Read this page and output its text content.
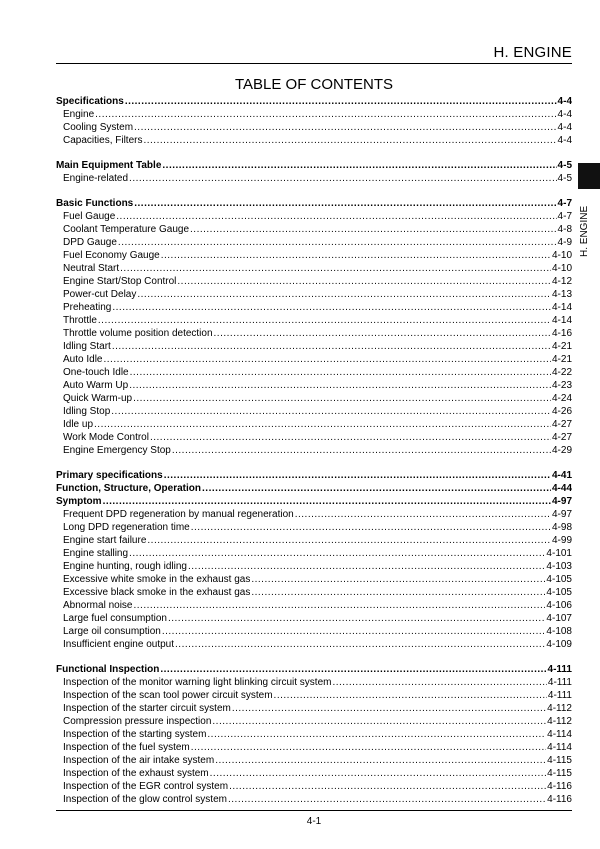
H. ENGINE
TABLE OF CONTENTS
H. ENGINE
Specifications .....	4-4
Engine .....	4-4
Cooling System .....	4-4
Capacities, Filters .....	4-4
Main Equipment Table .....	4-5
Engine-related .....	4-5
Basic Functions .....	4-7
Fuel Gauge .....	4-7
Coolant Temperature Gauge .....	4-8
DPD Gauge .....	4-9
Fuel Economy Gauge .....	4-10
Neutral Start .....	4-10
Engine Start/Stop Control .....	4-12
Power-cut Delay .....	4-13
Preheating .....	4-14
Throttle .....	4-14
Throttle volume position detection .....	4-16
Idling Start .....	4-21
Auto Idle .....	4-21
One-touch Idle .....	4-22
Auto Warm Up .....	4-23
Quick Warm-up .....	4-24
Idling Stop .....	4-26
Idle up .....	4-27
Work Mode Control .....	4-27
Engine Emergency Stop .....	4-29
Primary specifications .....	4-41
Function, Structure, Operation .....	4-44
Symptom .....	4-97
Frequent DPD regeneration by manual regeneration .....	4-97
Long DPD regeneration time .....	4-98
Engine start failure .....	4-99
Engine stalling .....	4-101
Engine hunting, rough idling .....	4-103
Excessive white smoke in the exhaust gas .....	4-105
Excessive black smoke in the exhaust gas .....	4-105
Abnormal noise .....	4-106
Large fuel consumption .....	4-107
Large oil consumption .....	4-108
Insufficient engine output .....	4-109
Functional Inspection .....	4-111
Inspection of the monitor warning light blinking circuit system .....	4-111
Inspection of the scan tool power circuit system .....	4-111
Inspection of the starter circuit system .....	4-112
Compression pressure inspection .....	4-112
Inspection of the starting system .....	4-114
Inspection of the fuel system .....	4-114
Inspection of the air intake system .....	4-115
Inspection of the exhaust system .....	4-115
Inspection of the EGR control system .....	4-116
Inspection of the glow control system .....	4-116
4-1
